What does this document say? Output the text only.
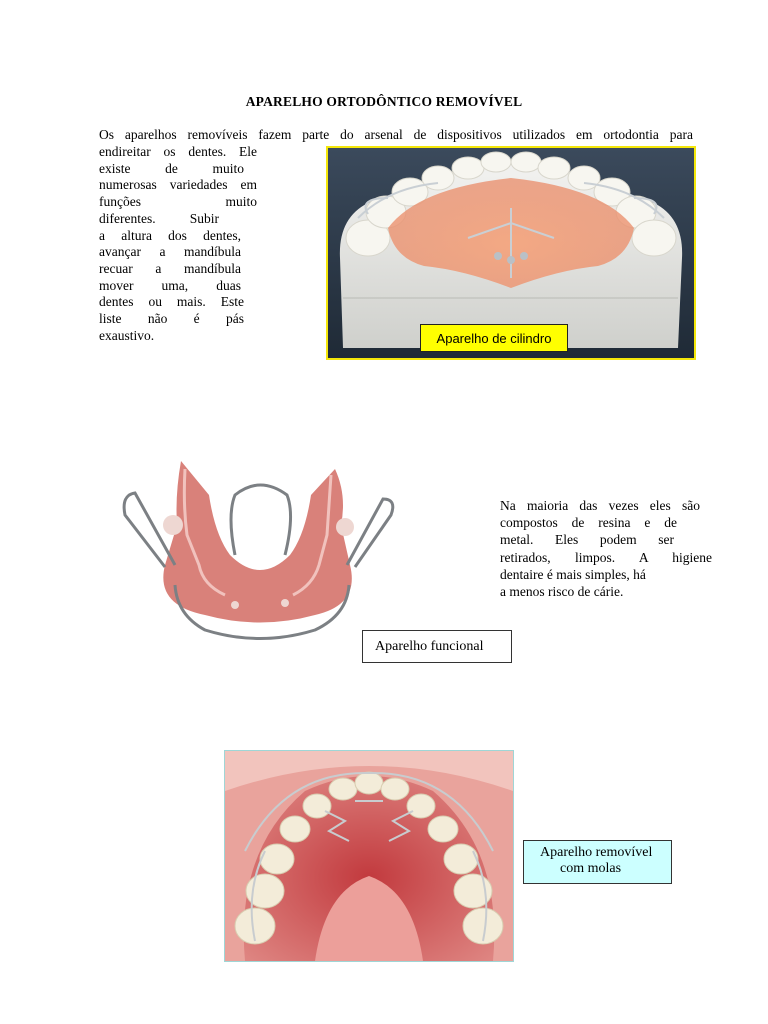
APARELHO ORTODÔNTICO REMOVÍVEL
Os aparelhos removíveis fazem parte do arsenal de dispositivos utilizados em ortodontia para
endireitar os dentes. Ele
existe de muito
numerosas variedades em
funções muito
diferentes. Subir
a altura dos dentes,
avançar a mandíbula
recuar a mandíbula
mover uma, duas
dentes ou mais. Este
liste não é pás
exaustivo.	Aparelho de cilindro
Aparelho funcional
Na maioria das vezes eles são
compostos de resina e de
metal. Eles podem ser
retirados, limpos. A higiene
dentaire é mais simples, há
a menos risco de cárie.
Aparelho removível
com molas
